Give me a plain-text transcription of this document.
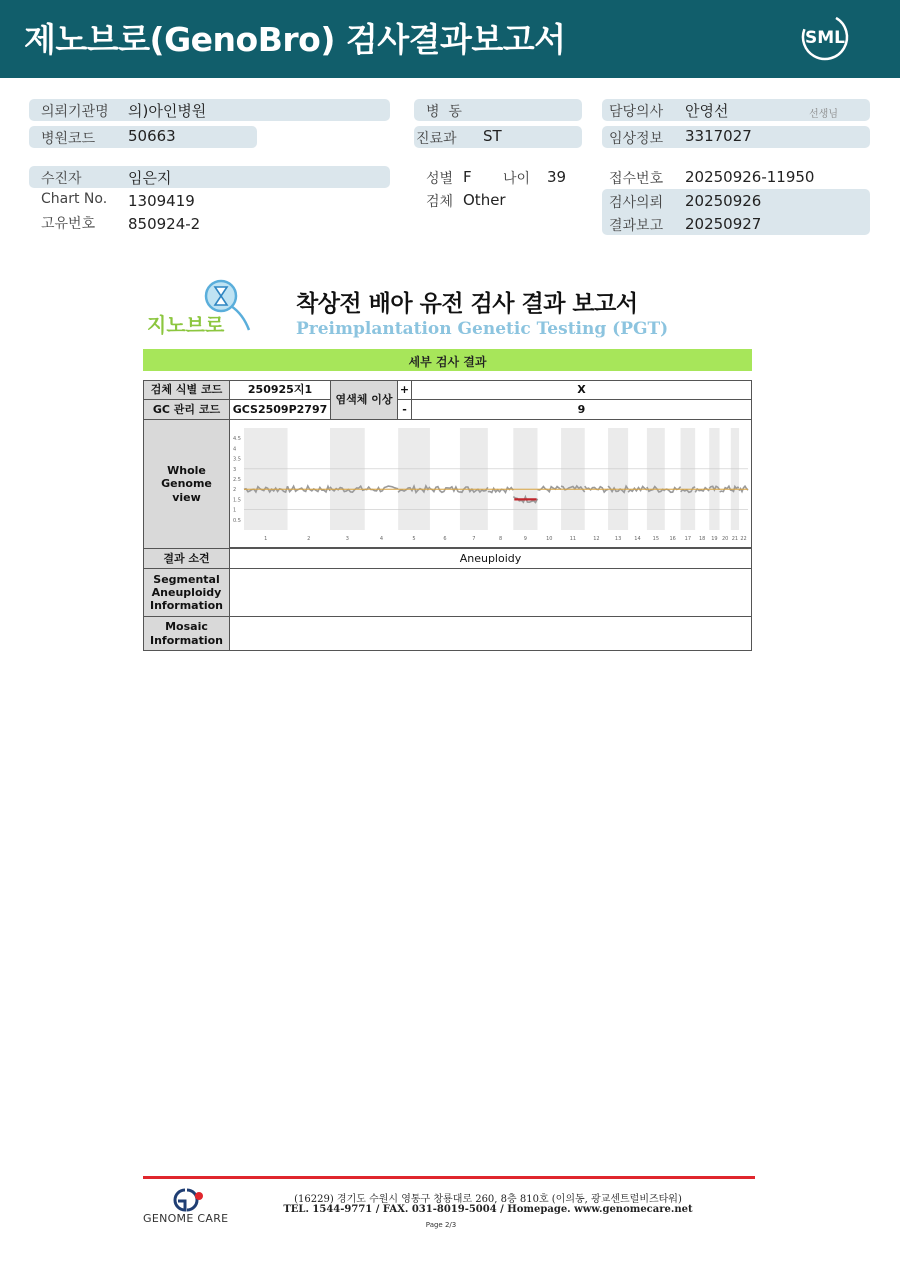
제노브로(GenoBro) 검사결과보고서	SML
의뢰기관명 의)아인병원	병  동	담당의사 안영선	선생님
병원코드 50663	진료과 ST	임상정보 3317027
수진자	임은지	성별 F 나이 39	접수번호 20250926-11950
Chart No. 1309419	검체 Other	검사의뢰 20250926
고유번호 850924-2	결과보고 20250927
지노브로
착상전 배아 유전 검사 결과 보고서
Preimplantation Genetic Testing (PGT)
세부 검사 결과
검체 식별 코드	250925지1
GC 관리 코드	GCS2509P2797
염색체 이상
+	X
-	9
Whole Genome view
4.5
4
3.5
3
2.5
2
1.5
1
0.5
1	2	3	4	5	6	7	8	9	10	11	12	13	14 15 16 17 18 19 20 21 22
결과 소견	Aneuploidy
Segmental Aneuploidy Information
Mosaic Information
GENOME CARE
(16229) 경기도 수원시 영통구 창룡대로 260, 8층 810호 (이의동, 광교센트럴비즈타워)
TEL. 1544-9771 / FAX. 031-8019-5004 / Homepage. www.genomecare.net
Page 2/3
